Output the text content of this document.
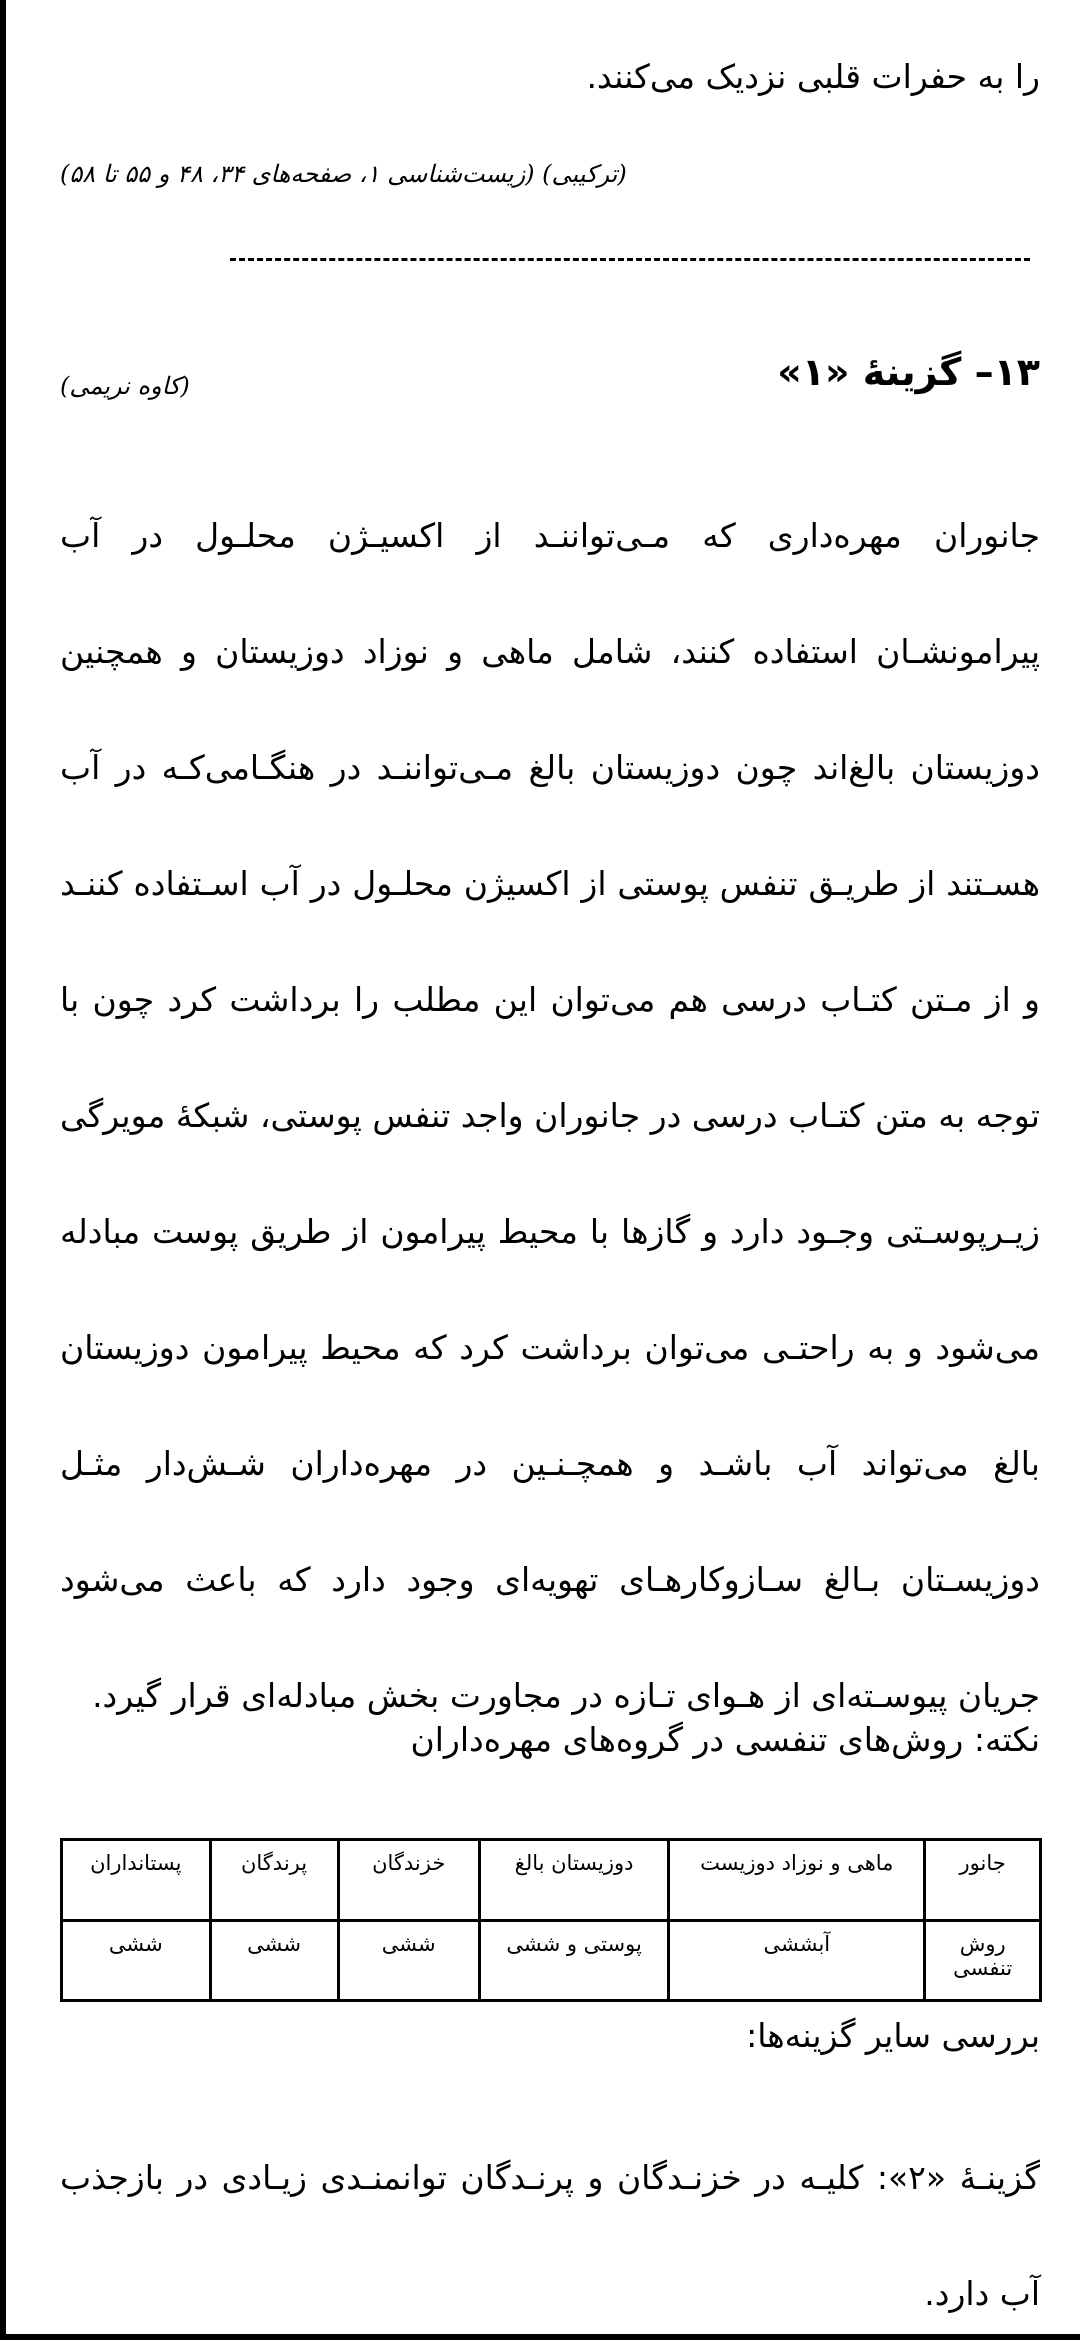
را به حفرات قلبی نزدیک می‌کنند.
(ترکیبی) (زیست‌شناسی ۱، صفحه‌های ۳۴، ۴۸ و ۵۵ تا ۵۸)
۱۳– گزینۀ «۱»
(کاوه نریمی)
جانوران مهره‌داری که مـی‌تواننـد از اکسیـژن محلـول در آب پیرامونشـان استفاده کنند، شامل ماهی و نوزاد دوزیستان و همچنین دوزیستان بالغ‌اند چون دوزیستان بالغ مـی‌تواننـد در هنگـامی‌کـه در آب هسـتند از طریـق تنفس پوستی از اکسیژن محلـول در آب اسـتفاده کننـد و از مـتن کتـاب درسی هم می‌توان این مطلب را برداشت کرد چون با توجه به متن کتـاب درسی در جانوران واجد تنفس پوستی، شبکۀ مویرگی زیـرپوسـتی وجـود دارد و گازها با محیط پیرامون از طریق پوست مبادله می‌شود و به راحتـی می‌توان برداشت کرد که محیط پیرامون دوزیستان بالغ می‌تواند آب باشـد و همچـنـین در مهره‌داران شـش‌دار مثـل دوزیسـتان بـالغ سـازوکارهـای تهویه‌ای وجود دارد که باعث می‌شود جریان پیوسـته‌ای از هـوای تـازه در مجاورت بخش مبادله‌ای قرار گیرد.
نکته: روش‌های تنفسی در گروه‌های مهره‌داران
جانور	ماهی و نوزاد دوزیست	دوزیستان بالغ	خزندگان	پرندگان	پستانداران
روش تنفسی	آبششی	پوستی و ششی	ششی	ششی	ششی
بررسی سایر گزینه‌ها:
گزینـۀ «۲»: کلیـه در خزنـدگان و پرنـدگان توانمنـدی زیـادی در بازجذب آب دارد.
